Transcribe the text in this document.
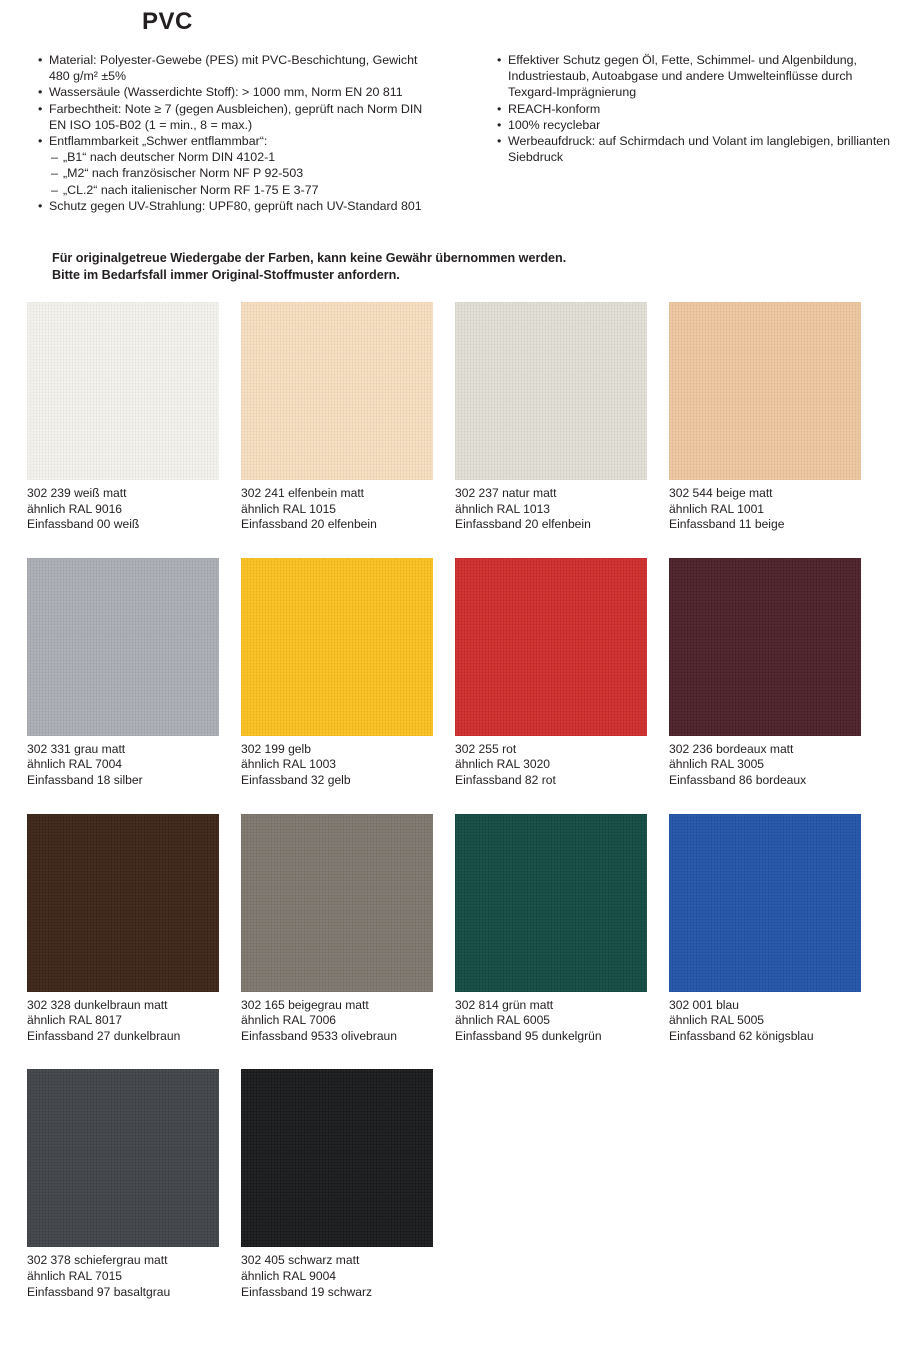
PVC
• Material: Polyester-Gewebe (PES) mit PVC-Beschichtung, Gewicht 480 g/m² ±5%
• Wassersäule (Wasserdichte Stoff): > 1000 mm, Norm EN 20 811
• Farbechtheit: Note ≥ 7 (gegen Ausbleichen), geprüft nach Norm DIN EN ISO 105-B02 (1 = min., 8 = max.)
• Entflammbarkeit „Schwer entflammbar“:
– „B1“ nach deutscher Norm DIN 4102-1
– „M2“ nach französischer Norm NF P 92-503
– „CL.2“ nach italienischer Norm RF 1-75 E 3-77
• Schutz gegen UV-Strahlung: UPF80, geprüft nach UV-Standard 801
• Effektiver Schutz gegen Öl, Fette, Schimmel- und Algenbildung, Industriestaub, Autoabgase und andere Umwelteinflüsse durch Texgard-Imprägnierung
• REACH-konform
• 100% recyclebar
• Werbeaufdruck: auf Schirmdach und Volant im langlebigen, brillianten Siebdruck
Für originalgetreue Wiedergabe der Farben, kann keine Gewähr übernommen werden.
Bitte im Bedarfsfall immer Original-Stoffmuster anfordern.
302 239 weiß matt
ähnlich RAL 9016
Einfassband 00 weiß
302 241 elfenbein matt
ähnlich RAL 1015
Einfassband 20 elfenbein
302 237 natur matt
ähnlich RAL 1013
Einfassband 20 elfenbein
302 544 beige matt
ähnlich RAL 1001
Einfassband 11 beige
302 331 grau matt
ähnlich RAL 7004
Einfassband 18 silber
302 199 gelb
ähnlich RAL 1003
Einfassband 32 gelb
302 255 rot
ähnlich RAL 3020
Einfassband 82 rot
302 236 bordeaux matt
ähnlich RAL 3005
Einfassband 86 bordeaux
302 328 dunkelbraun matt
ähnlich RAL 8017
Einfassband 27 dunkelbraun
302 165 beigegrau matt
ähnlich RAL 7006
Einfassband 9533 olivebraun
302 814 grün matt
ähnlich RAL 6005
Einfassband 95 dunkelgrün
302 001 blau
ähnlich RAL 5005
Einfassband 62 königsblau
302 378 schiefergrau matt
ähnlich RAL 7015
Einfassband 97 basaltgrau
302 405 schwarz matt
ähnlich RAL 9004
Einfassband 19 schwarz
